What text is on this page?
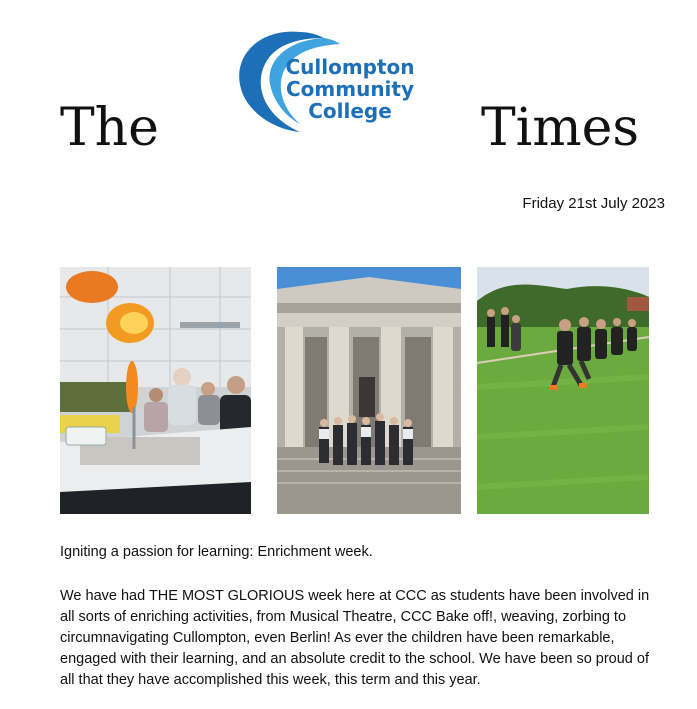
The
Cullompton
Community
College	Times
Friday 21st July 2023
Igniting a passion for learning: Enrichment week.
We have had THE MOST GLORIOUS week here at CCC as students have been involved in all sorts of enriching activities, from Musical Theatre, CCC Bake off!, weaving, zorbing to circumnavigating Cullompton, even Berlin! As ever the children have been remarkable, engaged with their learning, and an absolute credit to the school. We have been so proud of all that they have accomplished this week, this term and this year.
